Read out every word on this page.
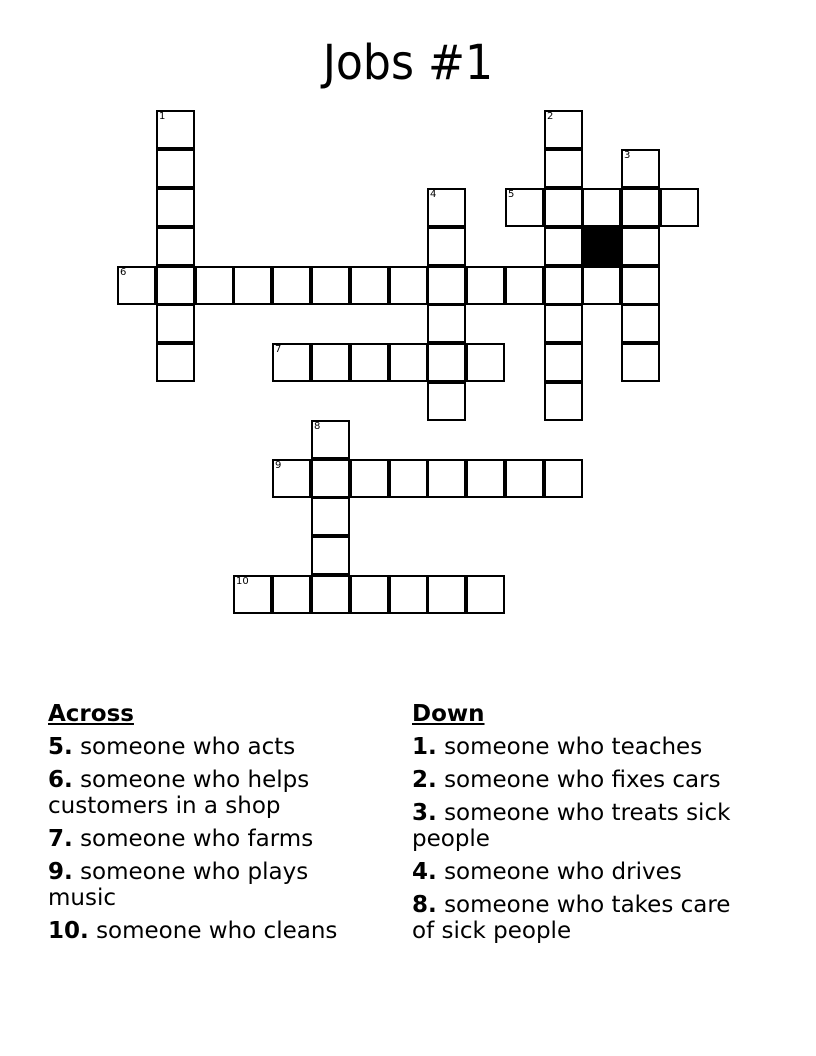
Jobs #1
1	2
3
4	5
6
7
8
9
10
Across
5. someone who acts
6. someone who helps customers in a shop
7. someone who farms
9. someone who plays music
10. someone who cleans
Down
1. someone who teaches
2. someone who fixes cars
3. someone who treats sick people
4. someone who drives
8. someone who takes care of sick people
